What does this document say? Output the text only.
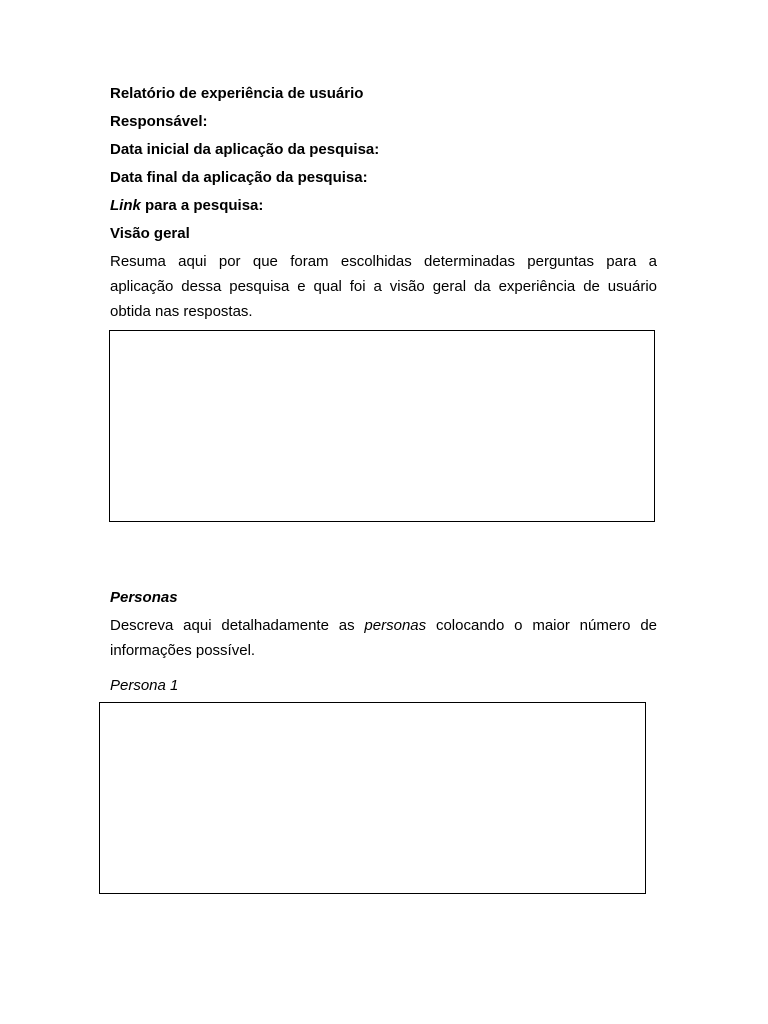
Relatório de experiência de usuário

Responsável:

Data inicial da aplicação da pesquisa:

Data final da aplicação da pesquisa:

Link para a pesquisa:

Visão geral

Resuma aqui por que foram escolhidas determinadas perguntas para a
aplicação dessa pesquisa e qual foi a visão geral da experiência de usuário
obtida nas respostas.

Personas

Descreva aqui detalhadamente as personas colocando o maior número de
informações possível.

Persona 1
